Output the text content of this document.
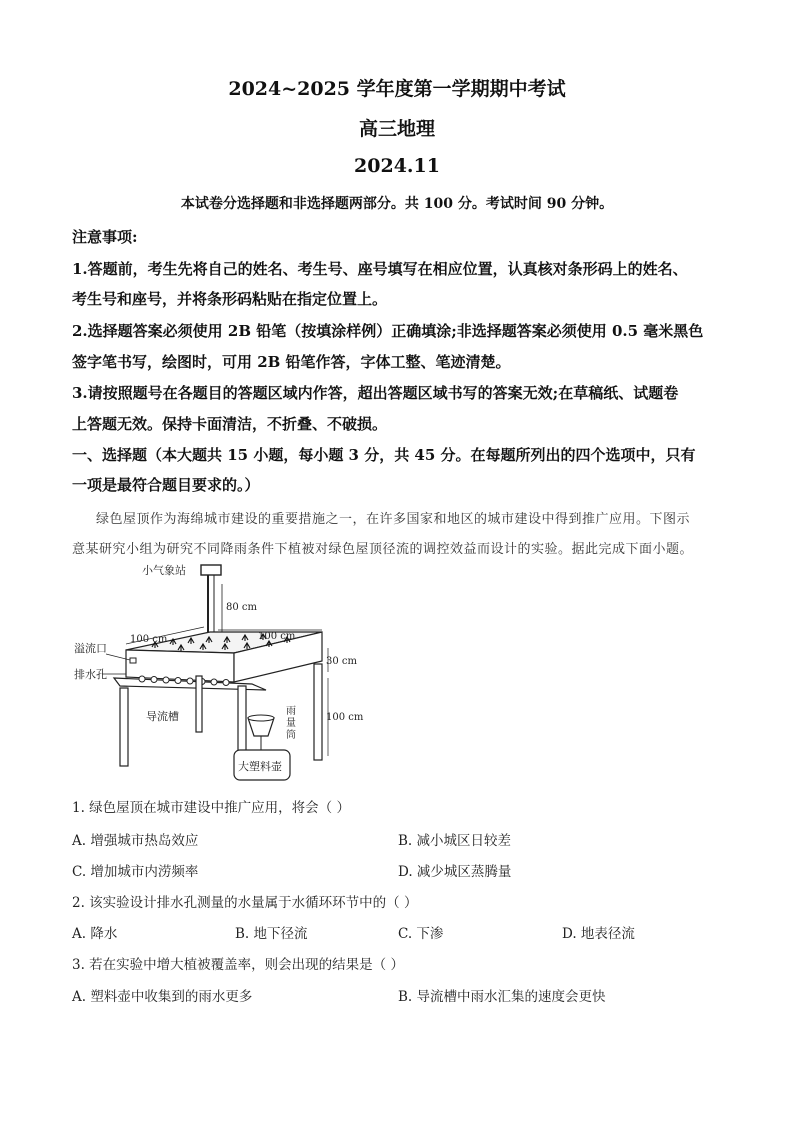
2024~2025 学年度第一学期期中考试
高三地理
2024.11
本试卷分选择题和非选择题两部分。共 100 分。考试时间 90 分钟。
注意事项:
1.答题前，考生先将自己的姓名、考生号、座号填写在相应位置，认真核对条形码上的姓名、
考生号和座号，并将条形码粘贴在指定位置上。
2.选择题答案必须使用 2B 铅笔（按填涂样例）正确填涂;非选择题答案必须使用 0.5 毫米黑色
签字笔书写，绘图时，可用 2B 铅笔作答，字体工整、笔迹清楚。
3.请按照题号在各题目的答题区域内作答，超出答题区域书写的答案无效;在草稿纸、试题卷
上答题无效。保持卡面清洁，不折叠、不破损。
一、选择题（本大题共 15 小题，每小题 3 分，共 45 分。在每题所列出的四个选项中，只有
一项是最符合题目要求的。）
绿色屋顶作为海绵城市建设的重要措施之一，在许多国家和地区的城市建设中得到推广应用。下图示
意某研究小组为研究不同降雨条件下植被对绿色屋顶径流的调控效益而设计的实验。据此完成下面小题。
小气象站
80 cm
100 cm	100 cm
溢流口
排水孔
30 cm
导流槽	100 cm
雨
量
筒
大塑料壶
1. 绿色屋顶在城市建设中推广应用，将会（ ）
A. 增强城市热岛效应	B. 减小城区日较差
C. 增加城市内涝频率	D. 减少城区蒸腾量
2. 该实验设计排水孔测量的水量属于水循环环节中的（ ）
A. 降水	B. 地下径流	C. 下渗	D. 地表径流
3. 若在实验中增大植被覆盖率，则会出现的结果是（ ）
A. 塑料壶中收集到的雨水更多	B. 导流槽中雨水汇集的速度会更快
